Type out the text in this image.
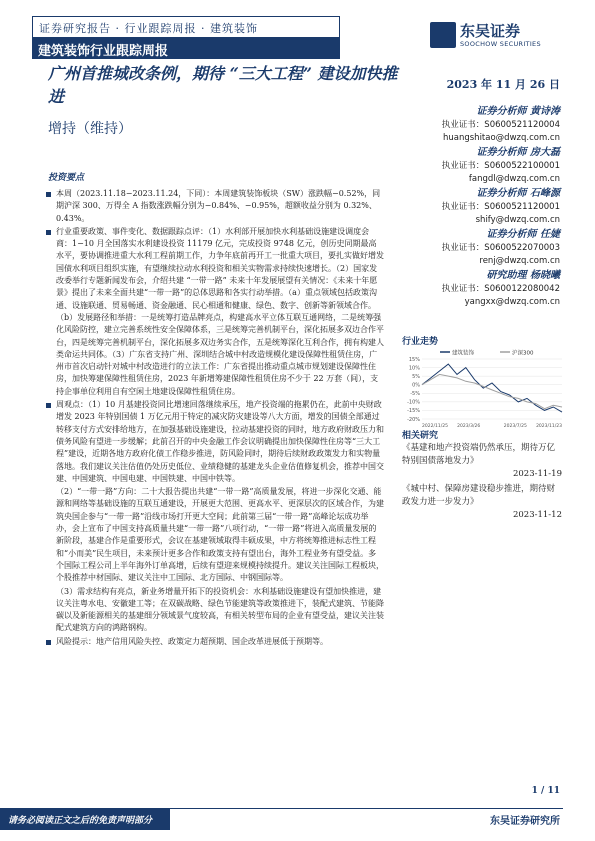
证券研究报告 · 行业跟踪周报 · 建筑装饰
建筑装饰行业跟踪周报
东吴证券
SOOCHOW SECURITIES
广州首推城改条例，期待 “三大工程” 建设加快推进
增持（维持）
2023 年 11 月 26 日
证券分析师 黄诗涛
执业证书：S0600521120004
huangshitao@dwzq.com.cn
证券分析师 房大磊
执业证书：S0600522100001
fangdl@dwzq.com.cn
证券分析师 石峰源
执业证书：S0600521120001
shify@dwzq.com.cn
证券分析师 任婕
执业证书：S0600522070003
renj@dwzq.com.cn
研究助理 杨晓曦
执业证书：S0600122080042
yangxx@dwzq.com.cn
投资要点

本周（2023.11.18−2023.11.24，下同）：本周建筑装饰板块（SW）涨跌幅−0.52%，同期沪深 300、万得全 A 指数涨跌幅分别为−0.84%、−0.95%，超额收益分别为 0.32%、0.43%。

行业重要政策、事件变化、数据跟踪点评：（1）水利部开展加快水利基础设施建设调度会商：1−10 月全国落实水利建设投资 11179 亿元，完成投资 9748 亿元，创历史同期最高水平，要协调推进重大水利工程前期工作，力争年底前再开工一批重大项目，要扎实做好增发国债水利项目组织实施，有望继续拉动水利投资和相关实物需求持续快速增长。（2）国家发改委举行专题新闻发布会，介绍共建 “一带一路” 未来十年发展展望有关情况：《未来十年愿景》提出了未来全面共建“一带一路”的总体思路和各实行动举措。（a）重点领域包括政策沟通、设施联通、贸易畅通、资金融通、民心相通和健康、绿色、数字、创新等新领域合作。（b）发展路径和举措：一是统筹打造品牌亮点，构建高水平立体互联互通网络，二是统筹强化风险防控，建立完善系统性安全保障体系，三是统筹完善机制平台，深化拓展多双边合作平台，四是统筹完善机制平台，深化拓展多双边务实合作，五是统筹深化互利合作，拥有构建人类命运共同体。（3）广东省支持广州、深圳结合城中村改造规模化建设保障性租赁住房，广州市首次启动针对城中村改造进行的立法工作：广东省提出推动重点城市规划建设保障性住房，加快筹建保障性租赁住房，2023 年新增筹建保障性租赁住房不少于 22 万套（间），支持企事单位利用自有空闲土地建设保障性租赁住房。

周观点：（1）10 月基建投资同比增速回落继续承压，地产投资端的拖累仍在，此前中央财政增发 2023 年特别国债 1 万亿元用于特定的减灾防灾建设等八大方面，增发的国债全部通过转移支付方式安排给地方，在加强基础设施建设，拉动基建投资的同时，地方政府财政压力和债务风险有望进一步缓解；此前召开的中央金融工作会议明确提出加快保障性住房等“三大工程”建设，近期各地方政府化债工作稳步推进，防风险同时，期待后续财政政策发力和实物量落地。我们建议关注估值仍处历史低位、业绩稳健的基建龙头企业估值修复机会，推荐中国交建、中国建筑、中国电建、中国铁建、中国中铁等。

（2）“一带一路”方向：二十大报告提出共建“一带一路”高质量发展，将进一步深化交通、能源和网络等基础设施的互联互通建设，开展更大范围、更高水平、更深层次的区域合作，为建筑央国企参与“一带一路”沿线市场打开更大空间；此前第三届“一带一路”高峰论坛成功举办，会上宣布了中国支持高质量共建“一带一路”八项行动，“一带一路”将进入高质量发展的新阶段，基建合作是重要形式，会议在基建领域取得丰硕成果，中方将统筹推进标志性工程和“小而美”民生项目，未来预计更多合作和政策支持有望出台，海外工程业务有望受益。多个国际工程公司上半年海外订单高增，后续有望迎来规模持续提升。建议关注国际工程板块，个股推荐中材国际、建议关注中工国际、北方国际、中钢国际等。

（3）需求结构有亮点，新业务增量开拓下的投资机会：水利基础设施建设有望加快推进，建议关注粤水电、安徽建工等；在双碳战略、绿色节能建筑等政策推进下，装配式建筑、节能降碳以及新能源相关的基建细分领域景气度较高，有相关转型布局的企业有望受益，建议关注装配式建筑方向的鸿路钢构。

风险提示：地产信用风险失控、政策定力超预期、国企改革进展低于预期等。

行业走势
建筑装饰	沪深300
15%
10%
5%
0%
-5%
-10%
-15%
-20%
2022/11/25 2023/3/26	2023/7/25 2023/11/23
相关研究
《基建和地产投资端仍然承压，期待万亿特别国债落地发力》
2023-11-19
《城中村、保障房建设稳步推进，期待财政发力进一步发力》
2023-11-12
1 / 11
请务必阅读正文之后的免责声明部分	东吴证券研究所
